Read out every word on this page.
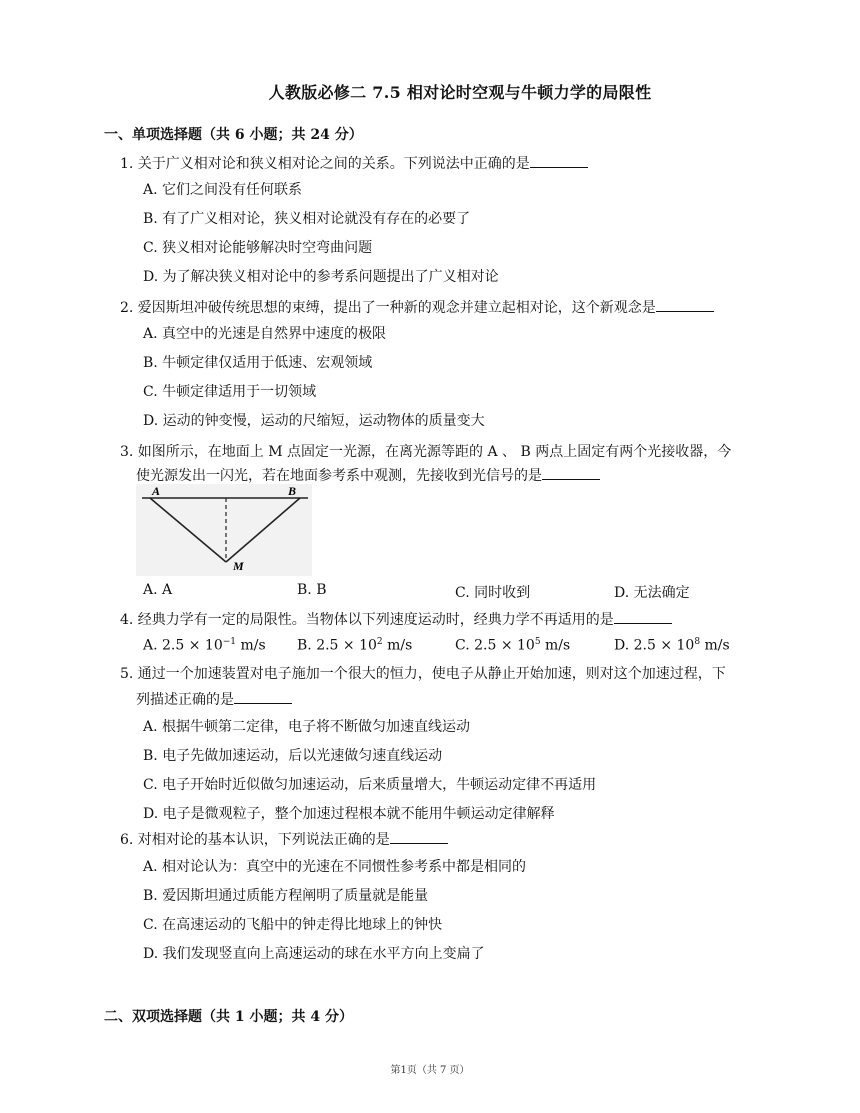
人教版必修二 7.5 相对论时空观与牛顿力学的局限性
一、单项选择题（共 6 小题；共 24 分）
1. 关于广义相对论和狭义相对论之间的关系。下列说法中正确的是
A. 它们之间没有任何联系
B. 有了广义相对论，狭义相对论就没有存在的必要了
C. 狭义相对论能够解决时空弯曲问题
D. 为了解决狭义相对论中的参考系问题提出了广义相对论
2. 爱因斯坦冲破传统思想的束缚，提出了一种新的观念并建立起相对论，这个新观念是
A. 真空中的光速是自然界中速度的极限
B. 牛顿定律仅适用于低速、宏观领域
C. 牛顿定律适用于一切领域
D. 运动的钟变慢，运动的尺缩短，运动物体的质量变大
3. 如图所示，在地面上 M 点固定一光源，在离光源等距的 A 、 B 两点上固定有两个光接收器，今
使光源发出一闪光，若在地面参考系中观测，先接收到光信号的是
A	B
M
A. A	B. B	C. 同时收到	D. 无法确定
4. 经典力学有一定的局限性。当物体以下列速度运动时，经典力学不再适用的是
A. $2.5 \times 10^{-1}$ m/s B. $2.5 \times 10^2$ m/s	C. $2.5 \times 10^5$ m/s	D. $2.5 \times 10^8$ m/s
5. 通过一个加速装置对电子施加一个很大的恒力，使电子从静止开始加速，则对这个加速过程，下
列描述正确的是
A. 根据牛顿第二定律，电子将不断做匀加速直线运动
B. 电子先做加速运动，后以光速做匀速直线运动
C. 电子开始时近似做匀加速运动，后来质量增大，牛顿运动定律不再适用
D. 电子是微观粒子，整个加速过程根本就不能用牛顿运动定律解释
6. 对相对论的基本认识，下列说法正确的是
A. 相对论认为：真空中的光速在不同惯性参考系中都是相同的
B. 爱因斯坦通过质能方程阐明了质量就是能量
C. 在高速运动的飞船中的钟走得比地球上的钟快
D. 我们发现竖直向上高速运动的球在水平方向上变扁了
二、双项选择题（共 1 小题；共 4 分）
第1页（共 7 页）
